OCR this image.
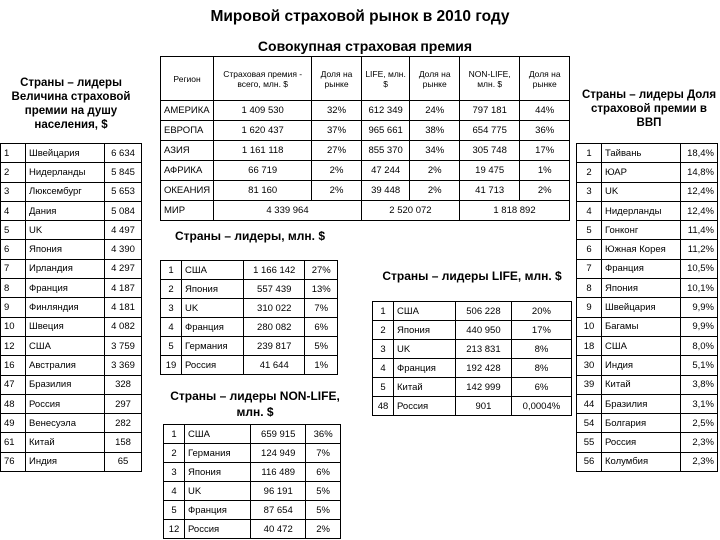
Мировой страховой рынок в 2010 году
Совокупная страховая премия
Страны – лидеры Величина страховой премии на душу населения, $
Страны – лидеры Доля страховой премии в ВВП
1	Швейцария	6 634
2	Нидерланды	5 845
3	Люксембург	5 653
4	Дания	5 084
5	UK	4 497
6	Япония	4 390
7	Ирландия	4 297
8	Франция	4 187
9	Финляндия	4 181
10	Швеция	4 082
12	США	3 759
16	Австралия	3 369
47	Бразилия	328
48	Россия	297
49	Венесуэла	282
61	Китай	158
76	Индия	65
Регион	Страховая премия - всего, млн. $	Доля на рынке	LIFE, млн. $	Доля на рынке	NON-LIFE, млн. $	Доля на рынке
АМЕРИКА	1 409 530	32%	612 349	24%	797 181	44%
ЕВРОПА	1 620 437	37%	965 661	38%	654 775	36%
АЗИЯ	1 161 118	27%	855 370	34%	305 748	17%
АФРИКА	66 719	2%	47 244	2%	19 475	1%
ОКЕАНИЯ	81 160	2%	39 448	2%	41 713	2%
МИР	4 339 964		2 520 072		1 818 892	
Страны – лидеры, млн. $
1	США	1 166 142	27%
2	Япония	557 439	13%
3	UK	310 022	7%
4	Франция	280 082	6%
5	Германия	239 817	5%
19	Россия	41 644	1%
Страны – лидеры LIFE, млн. $
1	США	506 228	20%
2	Япония	440 950	17%
3	UK	213 831	8%
4	Франция	192 428	8%
5	Китай	142 999	6%
48	Россия	901	0,0004%
Страны – лидеры NON-LIFE, млн. $
1	США	659 915	36%
2	Германия	124 949	7%
3	Япония	116 489	6%
4	UK	96 191	5%
5	Франция	87 654	5%
12	Россия	40 472	2%
1	Тайвань	18,4%
2	ЮАР	14,8%
3	UK	12,4%
4	Нидерланды	12,4%
5	Гонконг	11,4%
6	Южная Корея	11,2%
7	Франция	10,5%
8	Япония	10,1%
9	Швейцария	9,9%
10	Багамы	9,9%
18	США	8,0%
30	Индия	5,1%
39	Китай	3,8%
44	Бразилия	3,1%
54	Болгария	2,5%
55	Россия	2,3%
56	Колумбия	2,3%
